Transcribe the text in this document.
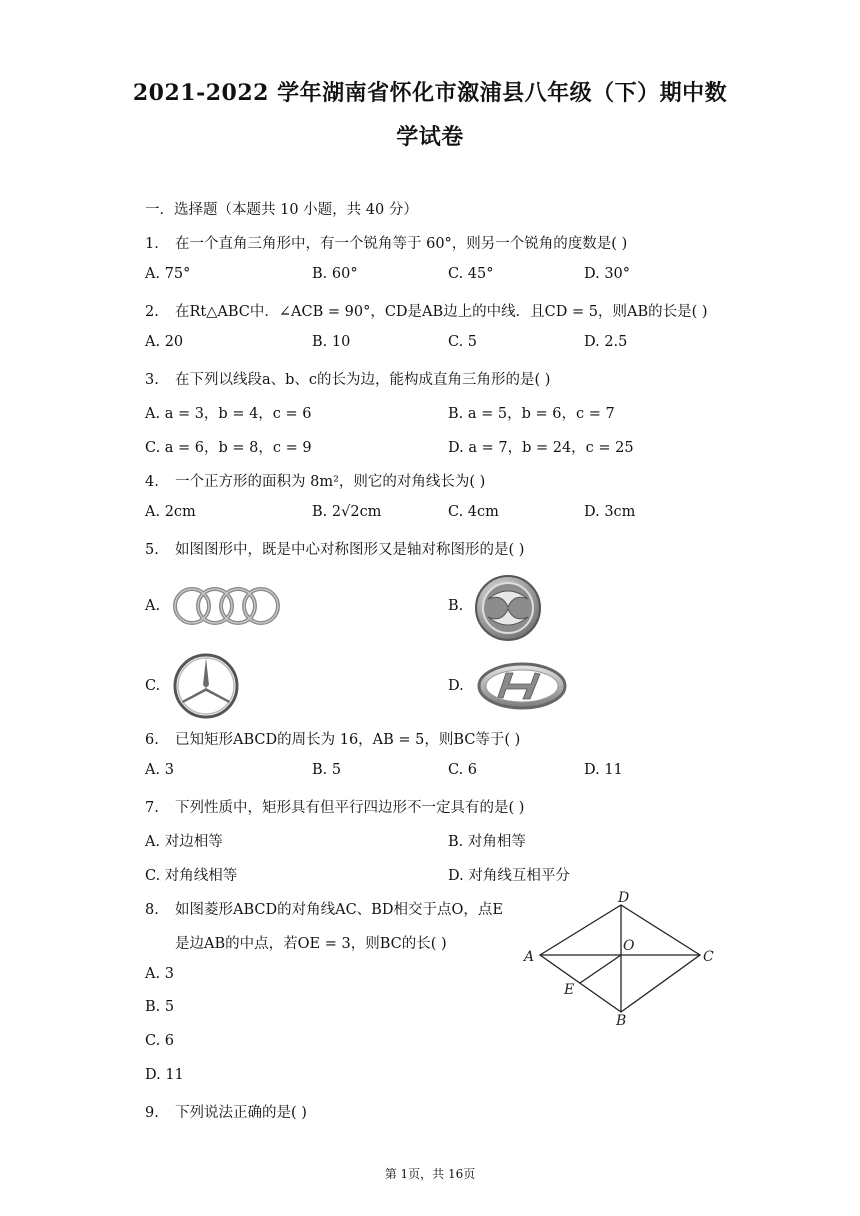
2021-2022 学年湖南省怀化市溆浦县八年级（下）期中数
学试卷
一．选择题（本题共 10 小题，共 40 分）
1. 在一个直角三角形中，有一个锐角等于 60°，则另一个锐角的度数是( )
A. 75°	B. 60°	C. 45°	D. 30°
2. 在Rt△ABC中．∠ACB = 90°，CD是AB边上的中线．且CD = 5，则AB的长是( )
A. 20	B. 10	C. 5	D. 2.5
3. 在下列以线段a、b、c的长为边，能构成直角三角形的是( )
A. a = 3，b = 4，c = 6	B. a = 5，b = 6，c = 7
C. a = 6，b = 8，c = 9	D. a = 7，b = 24，c = 25
4. 一个正方形的面积为 8m²，则它的对角线长为( )
A. 2cm	B. 2√2cm	C. 4cm	D. 3cm
5. 如图图形中，既是中心对称图形又是轴对称图形的是( )
A.	B.
C.	D.
6. 已知矩形ABCD的周长为 16，AB = 5，则BC等于( )
A. 3	B. 5	C. 6	D. 11
7. 下列性质中，矩形具有但平行四边形不一定具有的是( )
A. 对边相等	B. 对角相等
C. 对角线相等	D. 对角线互相平分
8. 如图菱形ABCD的对角线AC、BD相交于点O，点E
是边AB的中点，若OE = 3，则BC的长( )
A. 3
B. 5
C. 6
D. 11
A
D
C
B
O
E
9. 下列说法正确的是( )
第 1页，共 16页
